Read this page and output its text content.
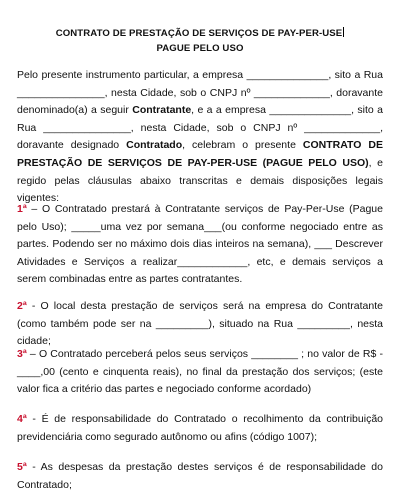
CONTRATO DE PRESTAÇÃO DE SERVIÇOS DE PAY-PER-USE
PAGUE PELO USO
Pelo presente instrumento particular, a empresa ______________, sito a Rua _______________, nesta Cidade, sob o CNPJ nº _____________, doravante denominado(a) a seguir Contratante, e a a empresa ______________, sito a Rua _______________, nesta Cidade, sob o CNPJ nº _____________, doravante designado Contratado, celebram o presente CONTRATO DE PRESTAÇÃO DE SERVIÇOS DE PAY-PER-USE (PAGUE PELO USO), e regido pelas cláusulas abaixo transcritas e demais disposições legais vigentes:
1ª – O Contratado prestará à Contratante serviços de Pay-Per-Use (Pague pelo Uso); _____uma vez por semana___(ou conforme negociado entre as partes. Podendo ser no máximo dois dias inteiros na semana), ___ Descrever Atividades e Serviços a realizar____________, etc, e demais serviços a serem combinadas entre as partes contratantes.
2ª - O local desta prestação de serviços será na empresa do Contratante (como também pode ser na _________), situado na Rua _________, nesta cidade;
3ª – O Contratado perceberá pelos seus serviços ________ ; no valor de R$ -____,00 (cento e cinquenta reais), no final da prestação dos serviços; (este valor fica a critério das partes e negociado conforme acordado)
4ª - É de responsabilidade do Contratado o recolhimento da contribuição previdenciária como segurado autônomo ou afins (código 1007);
5ª - As despesas da prestação destes serviços é de responsabilidade do Contratado;
